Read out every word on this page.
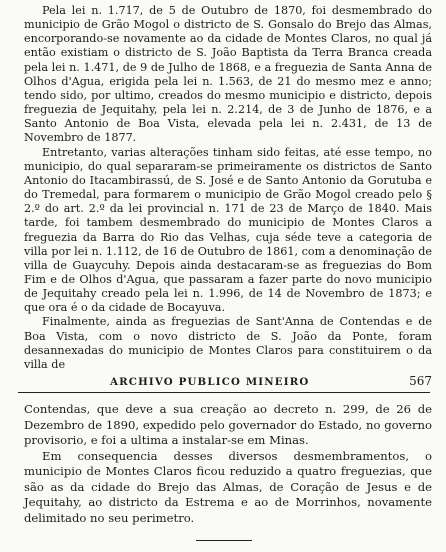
Pela lei n. 1.717, de 5 de Outubro de 1870, foi desmembrado do municipio de Grão Mogol o districto de S. Gonsalo do Brejo das Almas, encorporando-se novamente ao da cidade de Montes Claros, no qual já então existiam o districto de S. João Baptista da Terra Branca creada pela lei n. 1.471, de 9 de Julho de 1868, e a freguezia de Santa Anna de Olhos d'Agua, erigida pela lei n. 1.563, de 21 do mesmo mez e anno; tendo sido, por ultimo, creados do mesmo municipio e districto, depois freguezia de Jequitahy, pela lei n. 2.214, de 3 de Junho de 1876, e a Santo Antonio de Boa Vista, elevada pela lei n. 2.431, de 13 de Novembro de 1877.

Entretanto, varias alterações tinham sido feitas, até esse tempo, no municipio, do qual separaram-se primeiramente os districtos de Santo Antonio do Itacambirassú, de S. José e de Santo Antonio da Gorutuba e do Tremedal, para formarem o municipio de Grão Mogol creado pelo § 2.º do art. 2.º da lei provincial n. 171 de 23 de Março de 1840. Mais tarde, foi tambem desmembrado do municipio de Montes Claros a freguezia da Barra do Rio das Velhas, cuja séde teve a categoria de villa por lei n. 1.112, de 16 de Outubro de 1861, com a denominação de villa de Guaycuhy. Depois ainda destacaram-se as freguezias do Bom Fim e de Olhos d'Agua, que passaram a fazer parte do novo municipio de Jequitahy creado pela lei n. 1.996, de 14 de Novembro de 1873; e que ora é o da cidade de Bocayuva.

Finalmente, ainda as freguezias de Sant'Anna de Contendas e de Boa Vista, com o novo districto de S. João da Ponte, foram desannexadas do municipio de Montes Claros para constituirem o da villa de

ARCHIVO PUBLICO MINEIRO	567

Contendas, que deve a sua creação ao decreto n. 299, de 26 de Dezembro de 1890, expedido pelo governador do Estado, no governo provisorio, e foi a ultima a instalar-se em Minas.

Em consequencia desses diversos desmembramentos, o municipio de Montes Claros ficou reduzido a quatro freguezias, que são as da cidade do Brejo das Almas, de Coração de Jesus e de Jequitahy, ao districto da Estrema e ao de Morrinhos, novamente delimitado no seu perimetro.
